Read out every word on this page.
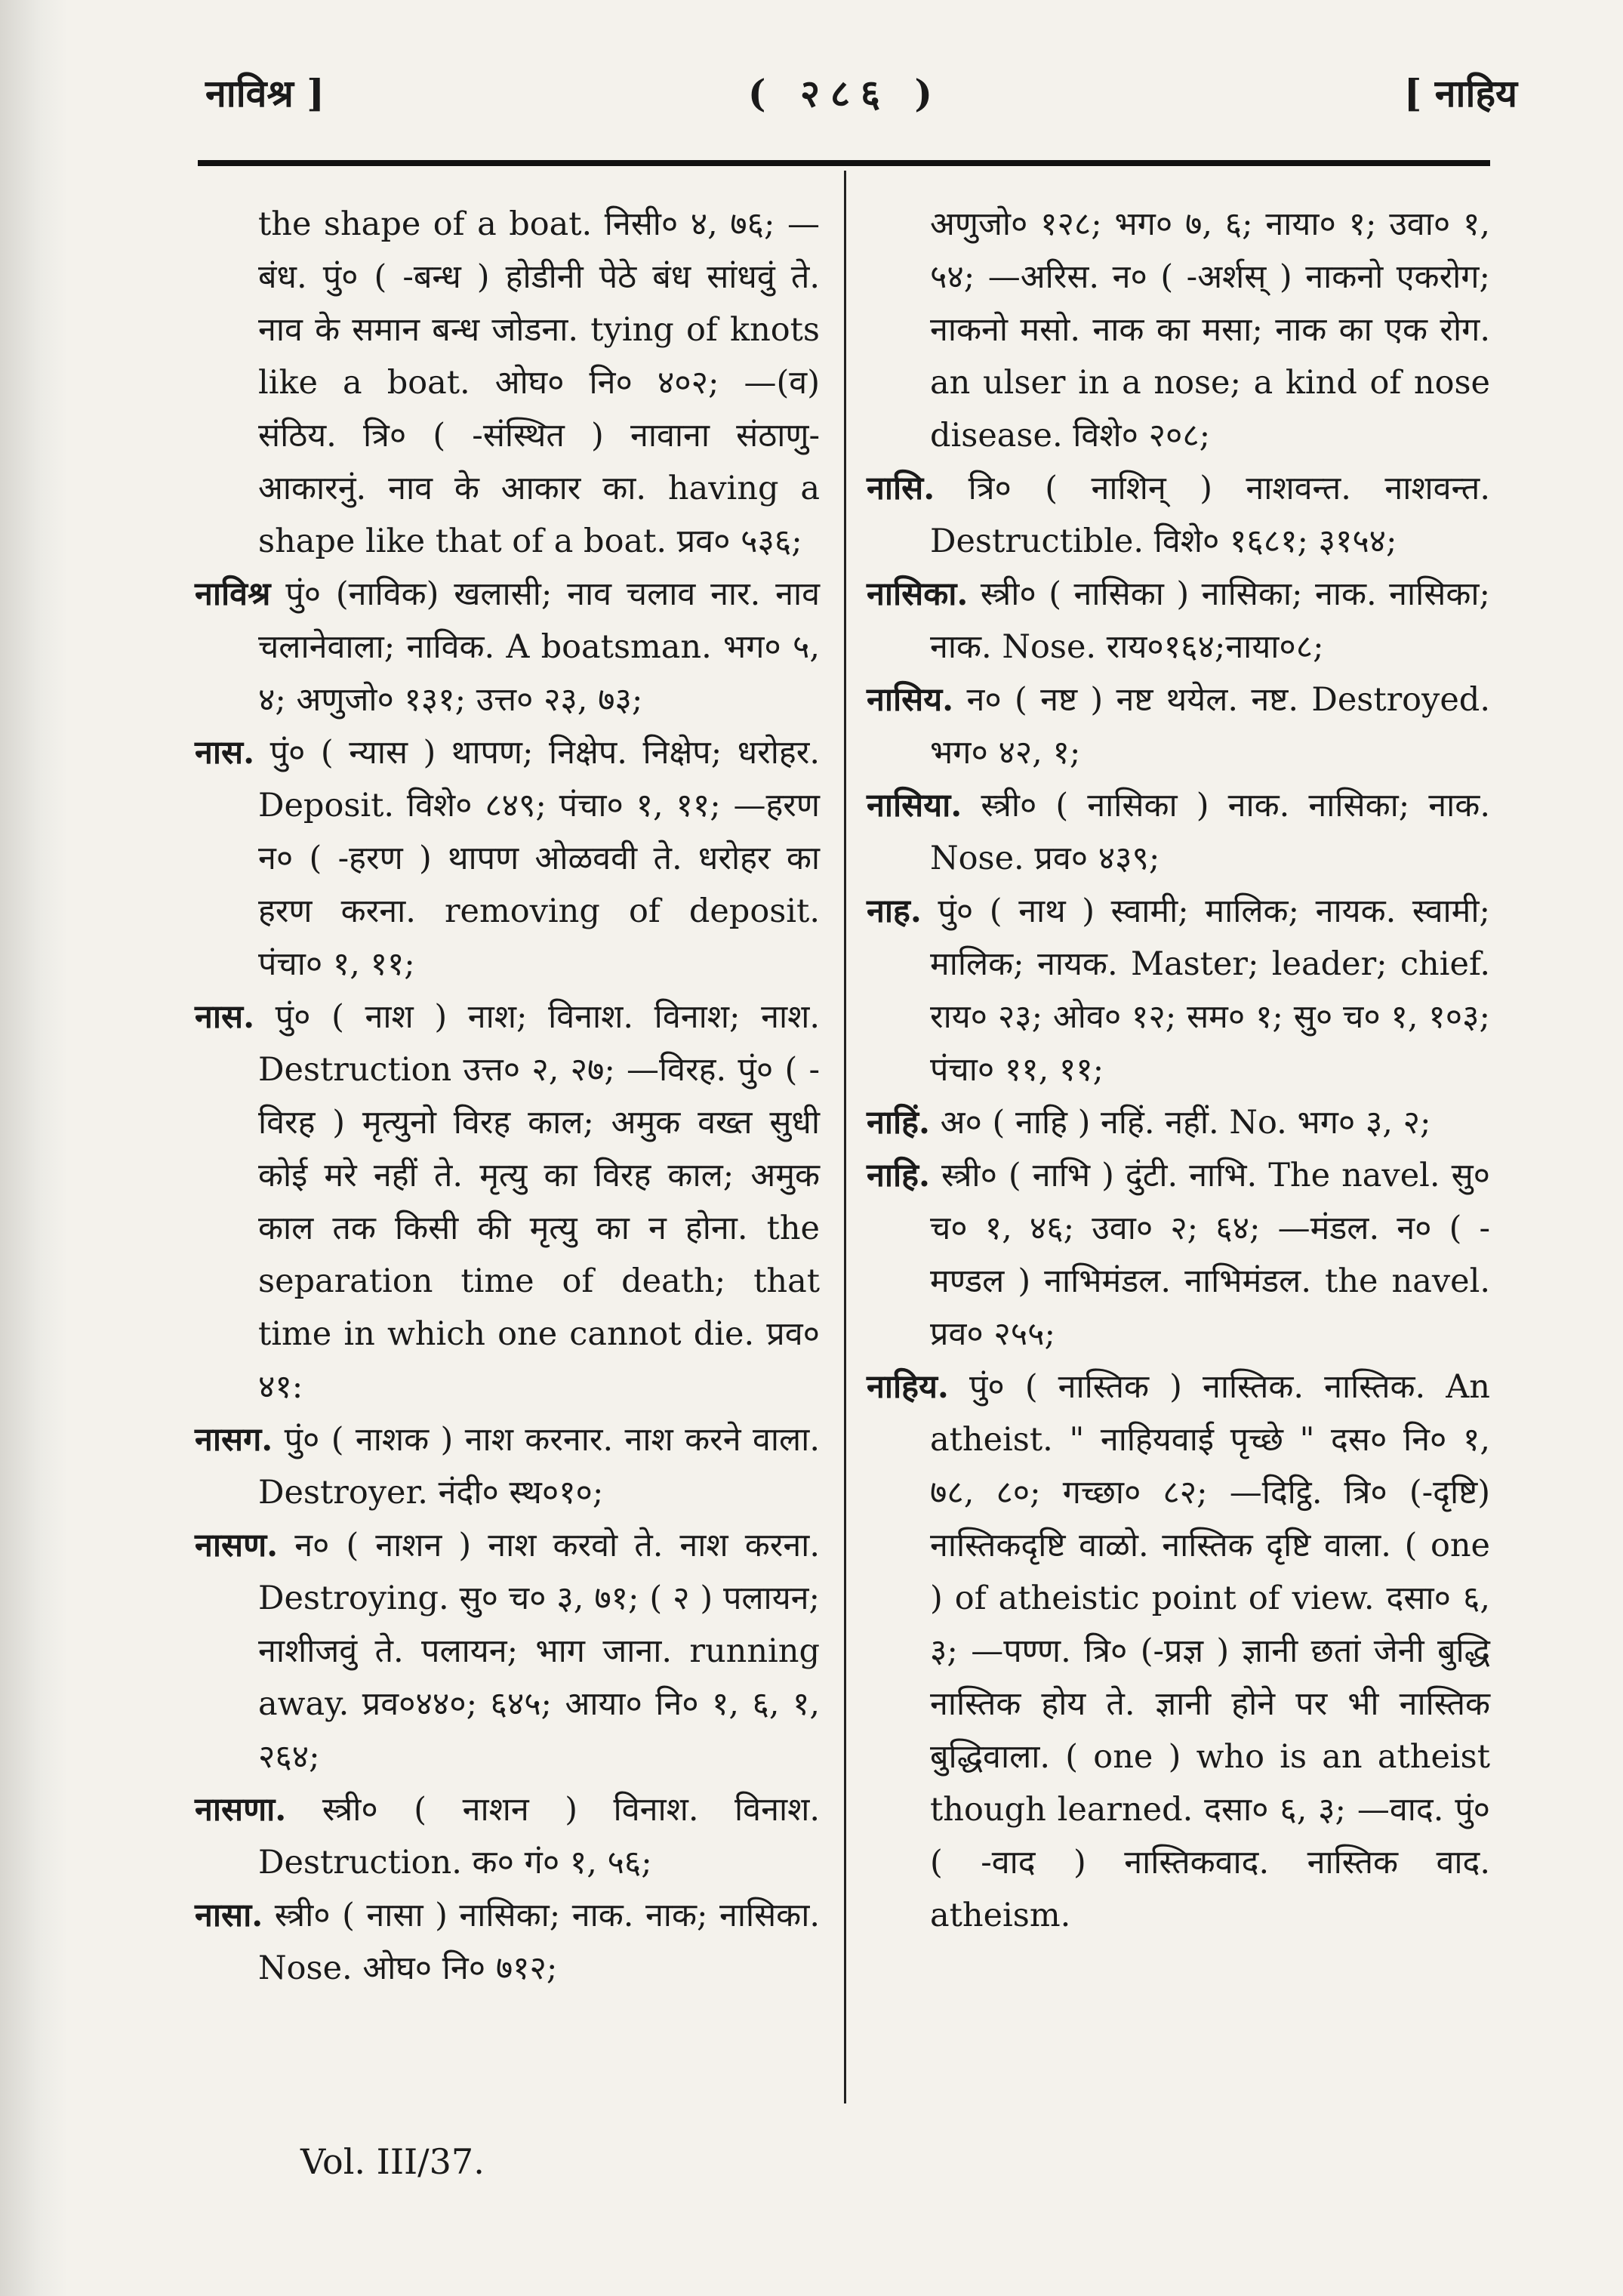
नाविश्र ]	( २८६ )	[ नाहिय

the shape of a boat. निसी० ४, ७६; —बंध. पुं० ( -बन्ध ) होडीनी पेठे बंध सांधवुं ते. नाव के समान बन्ध जोडना. tying of knots like a boat. ओघ० नि० ४०२; —(व) संठिय. त्रि० ( -संस्थित ) नावाना संठाणु-आकारनुं. नाव के आकार का. having a shape like that of a boat. प्रव० ५३६;

नाविश्र पुं० (नाविक) खलासी; नाव चलाव नार. नाव चलानेवाला; नाविक. A boatsman. भग० ५, ४; अणुजो० १३१; उत्त० २३, ७३;

नास. पुं० ( न्यास ) थापण; निक्षेप. निक्षेप; धरोहर. Deposit. विशे० ८४९; पंचा० १, ११; —हरण न० ( -हरण ) थापण ओळववी ते. धरोहर का हरण करना. removing of deposit. पंचा० १, ११;

नास. पुं० ( नाश ) नाश; विनाश. विनाश; नाश. Destruction उत्त० २, २७; —विरह. पुं० ( -विरह ) मृत्युनो विरह काल; अमुक वख्त सुधी कोई मरे नहीं ते. मृत्यु का विरह काल; अमुक काल तक किसी की मृत्यु का न होना. the separation time of death; that time in which one cannot die. प्रव० ४१:

नासग. पुं० ( नाशक ) नाश करनार. नाश करने वाला. Destroyer. नंदी० स्थ०१०;

नासण. न० ( नाशन ) नाश करवो ते. नाश करना. Destroying. सु० च० ३, ७१; ( २ ) पलायन; नाशीजवुं ते. पलायन; भाग जाना. running away. प्रव०४४०; ६४५; आया० नि० १, ६, १, २६४;

नासणा. स्त्री० ( नाशन ) विनाश. विनाश. Destruction. क० गं० १, ५६;

नासा. स्त्री० ( नासा ) नासिका; नाक. नाक; नासिका. Nose. ओघ० नि० ७१२;

अणुजो० १२८; भग० ७, ६; नाया० १; उवा० १, ५४; —अरिस. न० ( -अर्शस् ) नाकनो एकरोग; नाकनो मसो. नाक का मसा; नाक का एक रोग. an ulser in a nose; a kind of nose disease. विशे० २०८;

नासि. त्रि० ( नाशिन् ) नाशवन्त. नाशवन्त. Destructible. विशे० १६८१; ३१५४;

नासिका. स्त्री० ( नासिका ) नासिका; नाक. नासिका; नाक. Nose. राय०१६४;नाया०८;

नासिय. न० ( नष्ट ) नष्ट थयेल. नष्ट. Destroyed. भग० ४२, १;

नासिया. स्त्री० ( नासिका ) नाक. नासिका; नाक. Nose. प्रव० ४३९;

नाह. पुं० ( नाथ ) स्वामी; मालिक; नायक. स्वामी; मालिक; नायक. Master; leader; chief. राय० २३; ओव० १२; सम० १; सु० च० १, १०३; पंचा० ११, ११;

नाहिं. अ० ( नाहि ) नहिं. नहीं. No. भग० ३, २;

नाहि. स्त्री० ( नाभि ) दुंटी. नाभि. The navel. सु० च० १, ४६; उवा० २; ६४; —मंडल. न० ( -मण्डल ) नाभिमंडल. नाभिमंडल. the navel. प्रव० २५५;

नाहिय. पुं० ( नास्तिक ) नास्तिक. नास्तिक. An atheist. " नाहियवाई पृच्छे " दस० नि० १, ७८, ८०; गच्छा० ८२; —दिट्ठि. त्रि० (-दृष्टि) नास्तिकदृष्टि वाळो. नास्तिक दृष्टि वाला. ( one ) of atheistic point of view. दसा० ६, ३; —पण्ण. त्रि० (-प्रज्ञ ) ज्ञानी छतां जेनी बुद्धि नास्तिक होय ते. ज्ञानी होने पर भी नास्तिक बुद्धिवाला. ( one ) who is an atheist though learned. दसा० ६, ३; —वाद. पुं० ( -वाद ) नास्तिकवाद. नास्तिक वाद. atheism.

Vol. III/37.
